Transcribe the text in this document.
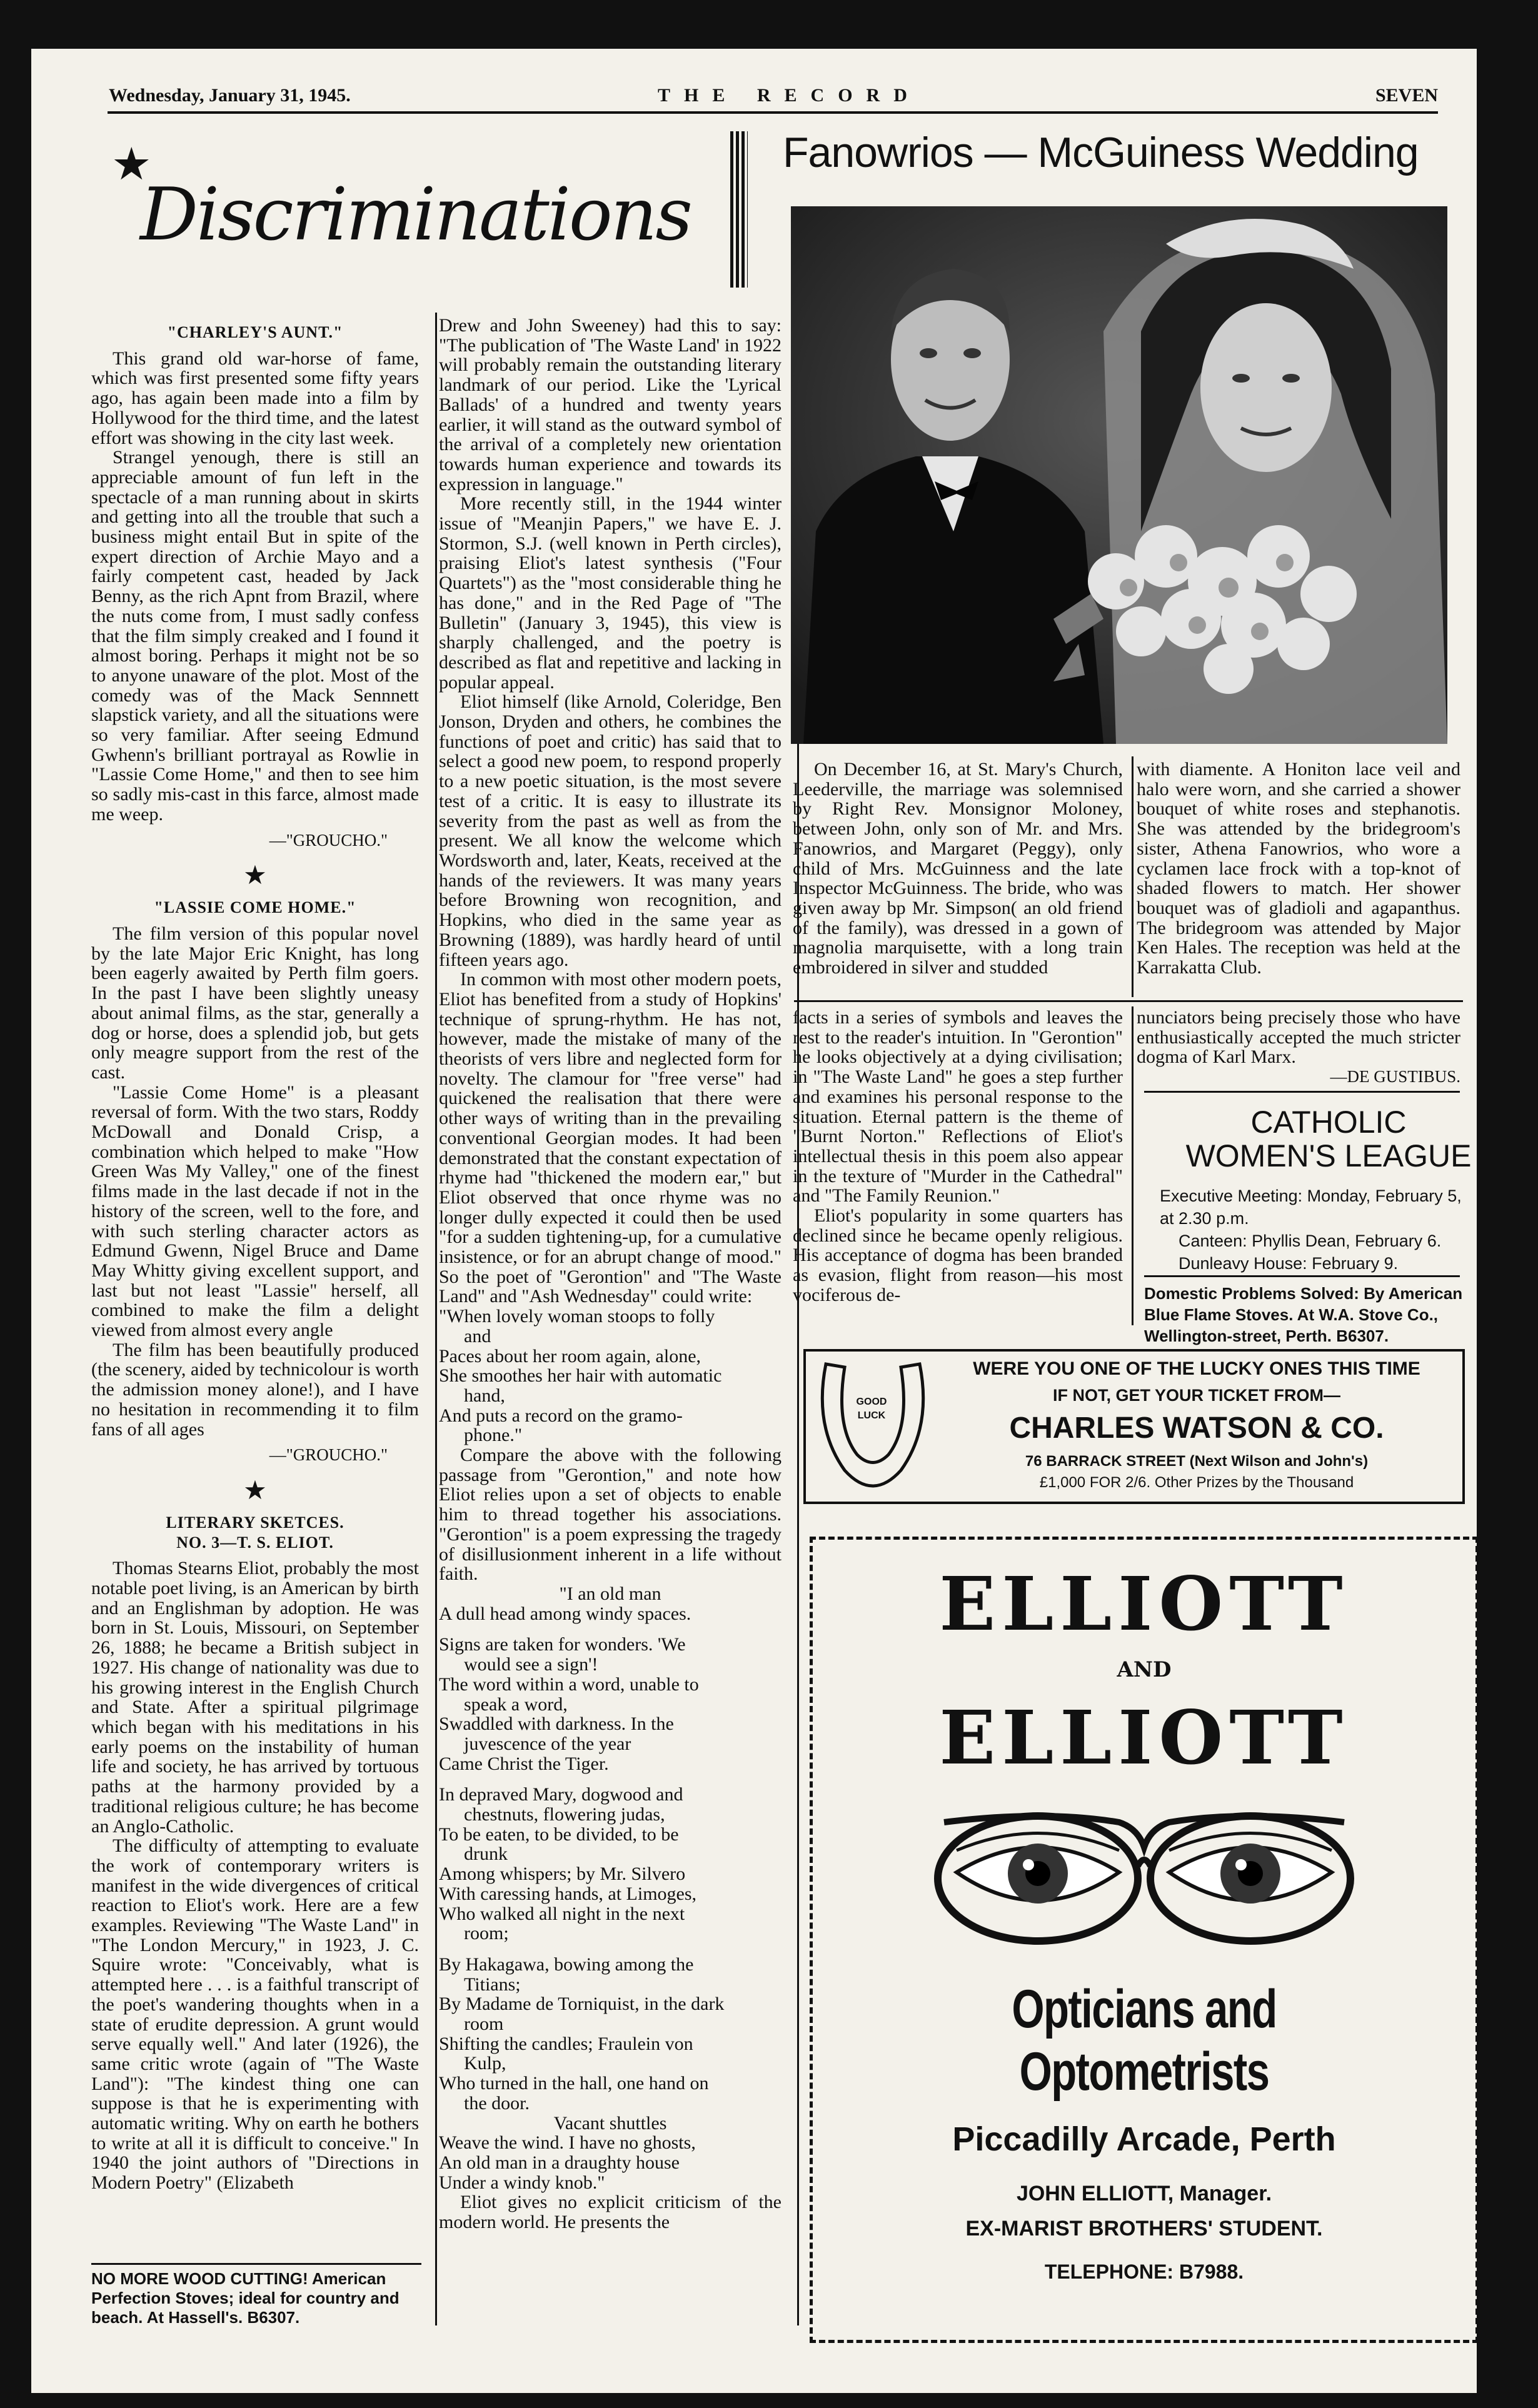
Wednesday, January 31, 1945.	THE RECORD	SEVEN
★
Discriminations

"CHARLEY'S AUNT."

This grand old war-horse of fame, which was first presented some fifty years ago, has again been made into a film by Hollywood for the third time, and the latest effort was showing in the city last week.

Strangel yenough, there is still an appreciable amount of fun left in the spectacle of a man running about in skirts and getting into all the trouble that such a business might entail But in spite of the expert direction of Archie Mayo and a fairly competent cast, headed by Jack Benny, as the rich Apnt from Brazil, where the nuts come from, I must sadly confess that the film simply creaked and I found it almost boring. Perhaps it might not be so to anyone unaware of the plot. Most of the comedy was of the Mack Sennnett slapstick variety, and all the situations were so very familiar. After seeing Edmund Gwhenn's brilliant portrayal as Rowlie in "Lassie Come Home," and then to see him so sadly mis-cast in this farce, almost made me weep.

—"GROUCHO."

★

"LASSIE COME HOME."

The film version of this popular novel by the late Major Eric Knight, has long been eagerly awaited by Perth film goers. In the past I have been slightly uneasy about animal films, as the star, generally a dog or horse, does a splendid job, but gets only meagre support from the rest of the cast.

"Lassie Come Home" is a pleasant reversal of form. With the two stars, Roddy McDowall and Donald Crisp, a combination which helped to make "How Green Was My Valley," one of the finest films made in the last decade if not in the history of the screen, well to the fore, and with such sterling character actors as Edmund Gwenn, Nigel Bruce and Dame May Whitty giving excellent support, and last but not least "Lassie" herself, all combined to make the film a delight viewed from almost every angle

The film has been beautifully produced (the scenery, aided by technicolour is worth the admission money alone!), and I have no hesitation in recommending it to film fans of all ages

—"GROUCHO."

★

LITERARY SKETCES.

NO. 3—T. S. ELIOT.

Thomas Stearns Eliot, probably the most notable poet living, is an American by birth and an Englishman by adoption. He was born in St. Louis, Missouri, on September 26, 1888; he became a British subject in 1927. His change of nationality was due to his growing interest in the English Church and State. After a spiritual pilgrimage which began with his meditations in his early poems on the instability of human life and society, he has arrived by tortuous paths at the harmony provided by a traditional religious culture; he has become an Anglo-Catholic.

The difficulty of attempting to evaluate the work of contemporary writers is manifest in the wide divergences of critical reaction to Eliot's work. Here are a few examples. Reviewing "The Waste Land" in "The London Mercury," in 1923, J. C. Squire wrote: "Conceivably, what is attempted here . . . is a faithful transcript of the poet's wandering thoughts when in a state of erudite depression. A grunt would serve equally well." And later (1926), the same critic wrote (again of "The Waste Land"): "The kindest thing one can suppose is that he is experimenting with automatic writing. Why on earth he bothers to write at all it is difficult to conceive." In 1940 the joint authors of "Directions in Modern Poetry" (Elizabeth

NO MORE WOOD CUTTING! American Perfection Stoves; ideal for country and beach. At Hassell's. B6307.

Drew and John Sweeney) had this to say: "The publication of 'The Waste Land' in 1922 will probably remain the outstanding literary landmark of our period. Like the 'Lyrical Ballads' of a hundred and twenty years earlier, it will stand as the outward symbol of the arrival of a completely new orientation towards human experience and towards its expression in language."

More recently still, in the 1944 winter issue of "Meanjin Papers," we have E. J. Stormon, S.J. (well known in Perth circles), praising Eliot's latest synthesis ("Four Quartets") as the "most considerable thing he has done," and in the Red Page of "The Bulletin" (January 3, 1945), this view is sharply challenged, and the poetry is described as flat and repetitive and lacking in popular appeal.

Eliot himself (like Arnold, Coleridge, Ben Jonson, Dryden and others, he combines the functions of poet and critic) has said that to select a good new poem, to respond properly to a new poetic situation, is the most severe test of a critic. It is easy to illustrate its severity from the past as well as from the present. We all know the welcome which Wordsworth and, later, Keats, received at the hands of the reviewers. It was many years before Browning won recognition, and Hopkins, who died in the same year as Browning (1889), was hardly heard of until fifteen years ago.

In common with most other modern poets, Eliot has benefited from a study of Hopkins' technique of sprung-rhythm. He has not, however, made the mistake of many of the theorists of vers libre and neglected form for novelty. The clamour for "free verse" had quickened the realisation that there were other ways of writing than in the prevailing conventional Georgian modes. It had been demonstrated that the constant expectation of rhyme had "thickened the modern ear," but Eliot observed that once rhyme was no longer dully expected it could then be used "for a sudden tightening-up, for a cumulative insistence, or for an abrupt change of mood." So the poet of "Gerontion" and "The Waste Land" and "Ash Wednesday" could write:

"When lovely woman stoops to folly

and

Paces about her room again, alone,

She smoothes her hair with automatic

hand,

And puts a record on the gramo-

phone."

Compare the above with the following passage from "Gerontion," and note how Eliot relies upon a set of objects to enable him to thread together his associations. "Gerontion" is a poem expressing the tragedy of disillusionment inherent in a life without faith.

"I an old man

A dull head among windy spaces.

Signs are taken for wonders. 'We

would see a sign'!

The word within a word, unable to

speak a word,

Swaddled with darkness. In the

juvescence of the year

Came Christ the Tiger.

In depraved Mary, dogwood and

chestnuts, flowering judas,

To be eaten, to be divided, to be

drunk

Among whispers; by Mr. Silvero

With caressing hands, at Limoges,

Who walked all night in the next

room;

By Hakagawa, bowing among the

Titians;

By Madame de Torniquist, in the dark

room

Shifting the candles; Fraulein von

Kulp,

Who turned in the hall, one hand on

the door.

Vacant shuttles

Weave the wind. I have no ghosts,

An old man in a draughty house

Under a windy knob."

Eliot gives no explicit criticism of the modern world. He presents the

Fanowrios — McGuiness Wedding

On December 16, at St. Mary's Church, Leederville, the marriage was solemnised by Right Rev. Monsignor Moloney, between John, only son of Mr. and Mrs. Fanowrios, and Margaret (Peggy), only child of Mrs. McGuinness and the late Inspector McGuinness. The bride, who was given away bp Mr. Simpson( an old friend of the family), was dressed in a gown of magnolia marquisette, with a long train embroidered in silver and studded

with diamente. A Honiton lace veil and halo were worn, and she carried a shower bouquet of white roses and stephanotis. She was attended by the bridegroom's sister, Athena Fanowrios, who wore a cyclamen lace frock with a top-knot of shaded flowers to match. Her shower bouquet was of gladioli and agapanthus. The bridegroom was attended by Major Ken Hales. The reception was held at the Karrakatta Club.

facts in a series of symbols and leaves the rest to the reader's intuition. In "Gerontion" he looks objectively at a dying civilisation; in "The Waste Land" he goes a step further and examines his personal response to the situation. Eternal pattern is the theme of "Burnt Norton." Reflections of Eliot's intellectual thesis in this poem also appear in the texture of "Murder in the Cathedral" and "The Family Reunion."

Eliot's popularity in some quarters has declined since he became openly religious. His acceptance of dogma has been branded as evasion, flight from reason—his most vociferous de-

nunciators being precisely those who have enthusiastically accepted the much stricter dogma of Karl Marx.

—DE GUSTIBUS.

CATHOLIC
WOMEN'S LEAGUE
Executive Meeting: Monday, February 5, at 2.30 p.m.
Canteen: Phyllis Dean, February 6.
Dunleavy House: February 9.
Domestic Problems Solved: By American Blue Flame Stoves. At W.A. Stove Co., Wellington-street, Perth. B6307.
GOOD LUCK
WERE YOU ONE OF THE LUCKY ONES THIS TIME
IF NOT, GET YOUR TICKET FROM—
CHARLES WATSON & CO.
76 BARRACK STREET (Next Wilson and John's)
£1,000 FOR 2/6. Other Prizes by the Thousand
ELLIOTT
AND
ELLIOTT
Opticians and Optometrists
Piccadilly Arcade, Perth
JOHN ELLIOTT, Manager.
EX-MARIST BROTHERS' STUDENT.
TELEPHONE: B7988.
